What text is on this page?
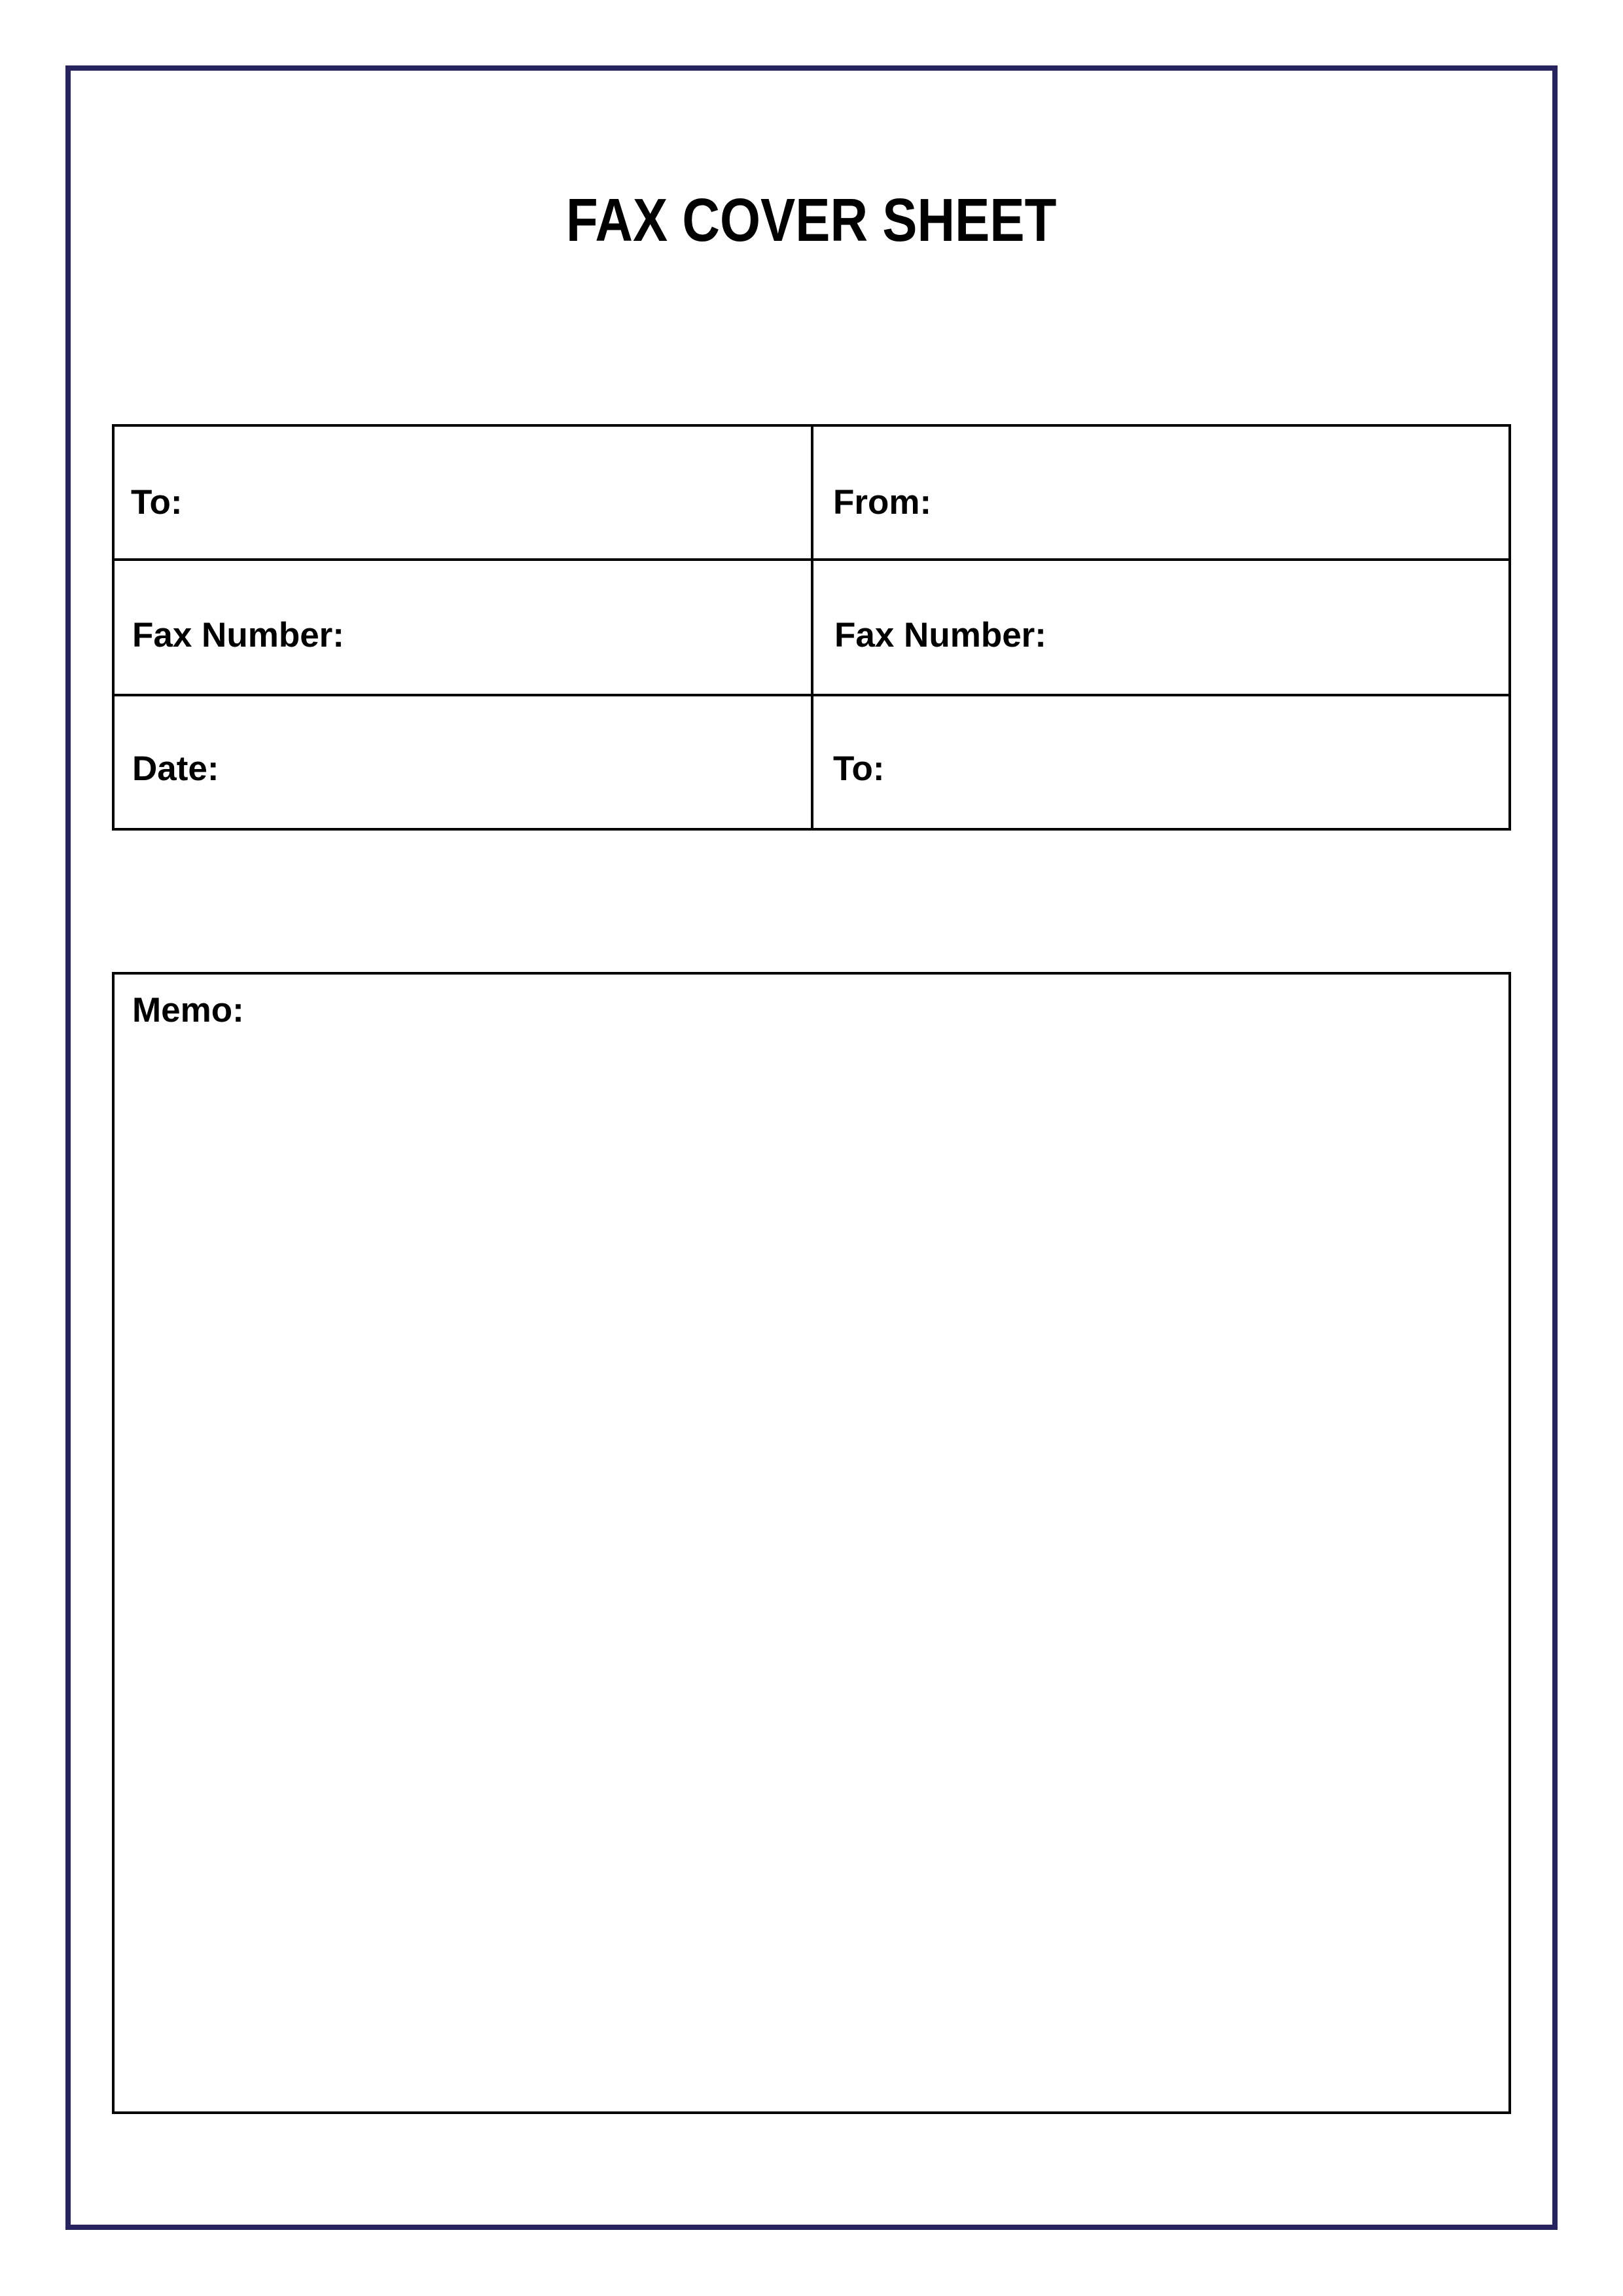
FAX COVER SHEET
To:	From:
Fax Number:	Fax Number:
Date:	To:
Memo:
